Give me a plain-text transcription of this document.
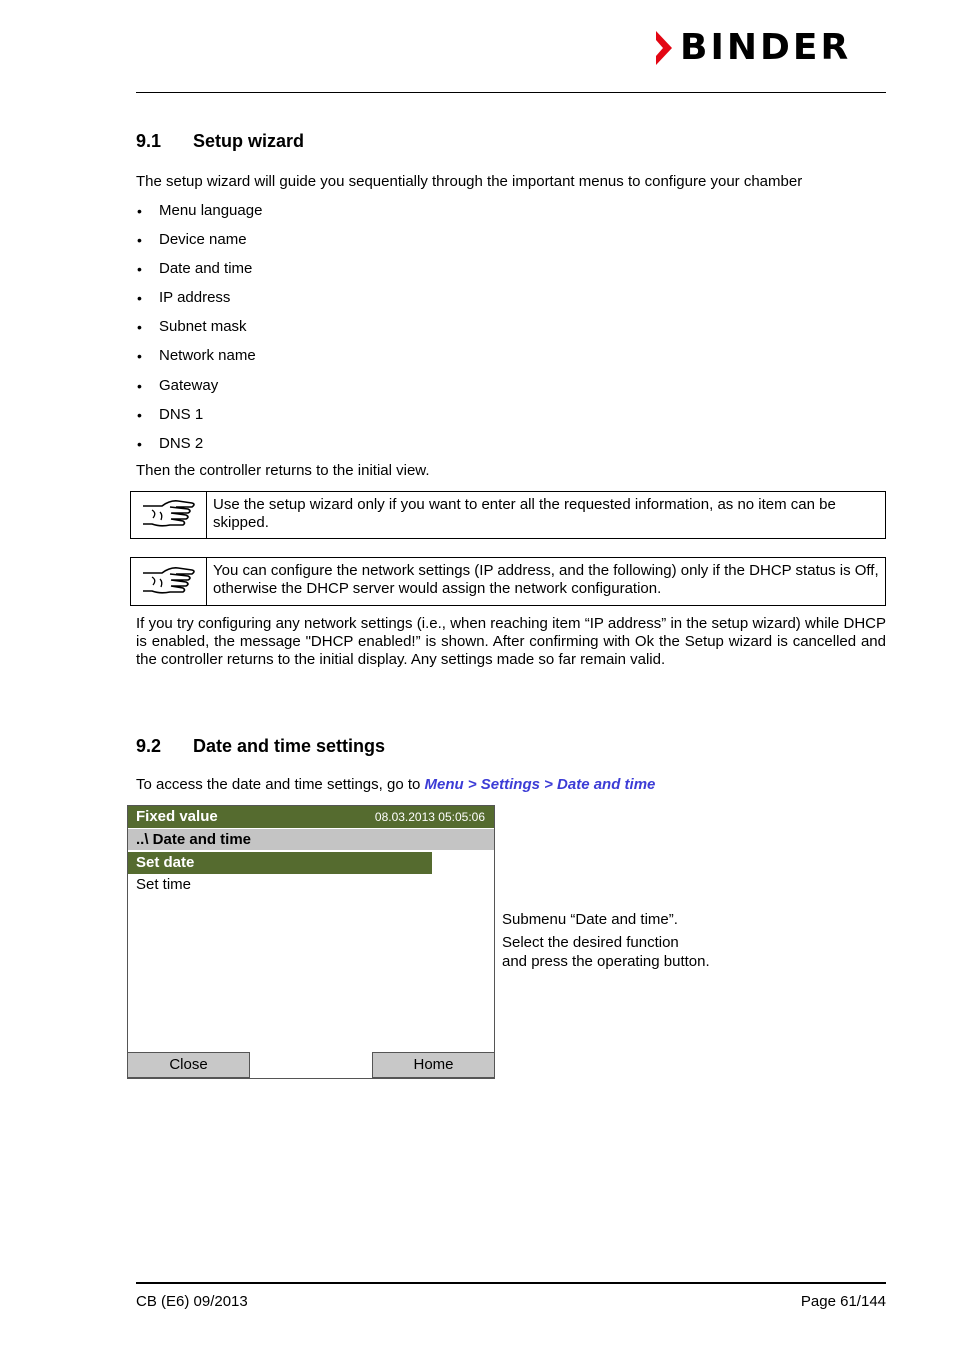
BINDER
9.1 Setup wizard
The setup wizard will guide you sequentially through the important menus to configure your chamber
• Menu language
• Device name
• Date and time
• IP address
• Subnet mask
• Network name
• Gateway
• DNS 1
• DNS 2
Then the controller returns to the initial view.
Use the setup wizard only if you want to enter all the requested information, as no item can be skipped.
You can configure the network settings (IP address, and the following) only if the DHCP status is Off, otherwise the DHCP server would assign the network configuration.
If you try configuring any network settings (i.e., when reaching item “IP address” in the setup wizard) while DHCP is enabled, the message "DHCP enabled!” is shown. After confirming with Ok the Setup wizard is cancelled and the controller returns to the initial display. Any settings made so far remain valid.
9.2 Date and time settings
To access the date and time settings, go to Menu > Settings > Date and time
Fixed value	08.03.2013 05:05:06
..\ Date and time
Set date
Set time
Close	Home
Submenu “Date and time”.
Select the desired function
and press the operating button.
CB (E6) 09/2013	Page 61/144
